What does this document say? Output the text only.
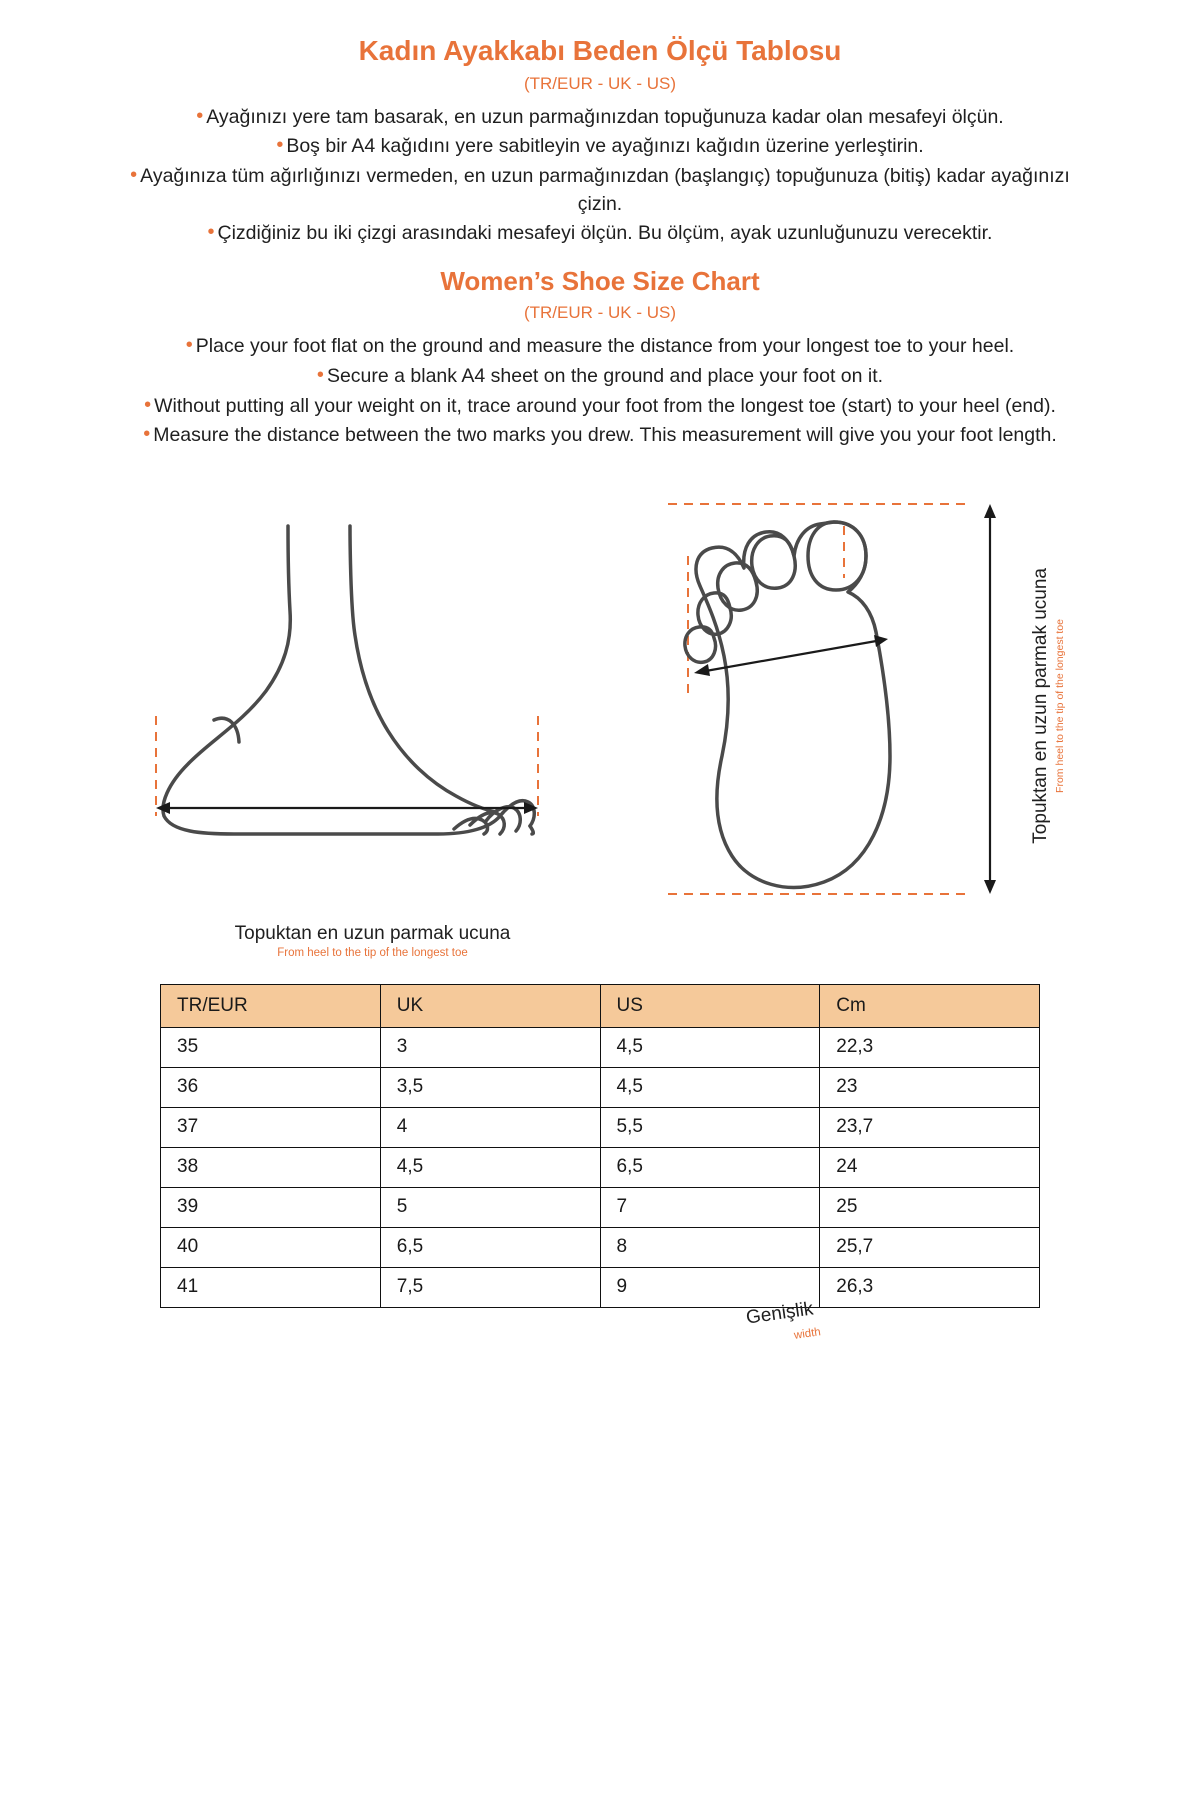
Kadın Ayakkabı Beden Ölçü Tablosu
(TR/EUR - UK - US)
• Ayağınızı yere tam basarak, en uzun parmağınızdan topuğunuza kadar olan mesafeyi ölçün.
• Boş bir A4 kağıdını yere sabitleyin ve ayağınızı kağıdın üzerine yerleştirin.
• Ayağınıza tüm ağırlığınızı vermeden, en uzun parmağınızdan (başlangıç) topuğunuza (bitiş) kadar ayağınızı çizin.
• Çizdiğiniz bu iki çizgi arasındaki mesafeyi ölçün. Bu ölçüm, ayak uzunluğunuzu verecektir.
Women’s Shoe Size Chart
(TR/EUR - UK - US)
• Place your foot flat on the ground and measure the distance from your longest toe to your heel.
• Secure a blank A4 sheet on the ground and place your foot on it.
• Without putting all your weight on it, trace around your foot from the longest toe (start) to your heel (end).
• Measure the distance between the two marks you drew. This measurement will give you your foot length.
Topuktan en uzun parmak ucuna
From heel to the tip of the longest toe
Genişlik
width
Topuktan en uzun parmak ucuna From heel to the tip of the longest toe
TR/EUR	UK	US	Cm
35	3	4,5	22,3
36	3,5	4,5	23
37	4	5,5	23,7
38	4,5	6,5	24
39	5	7	25
40	6,5	8	25,7
41	7,5	9	26,3
